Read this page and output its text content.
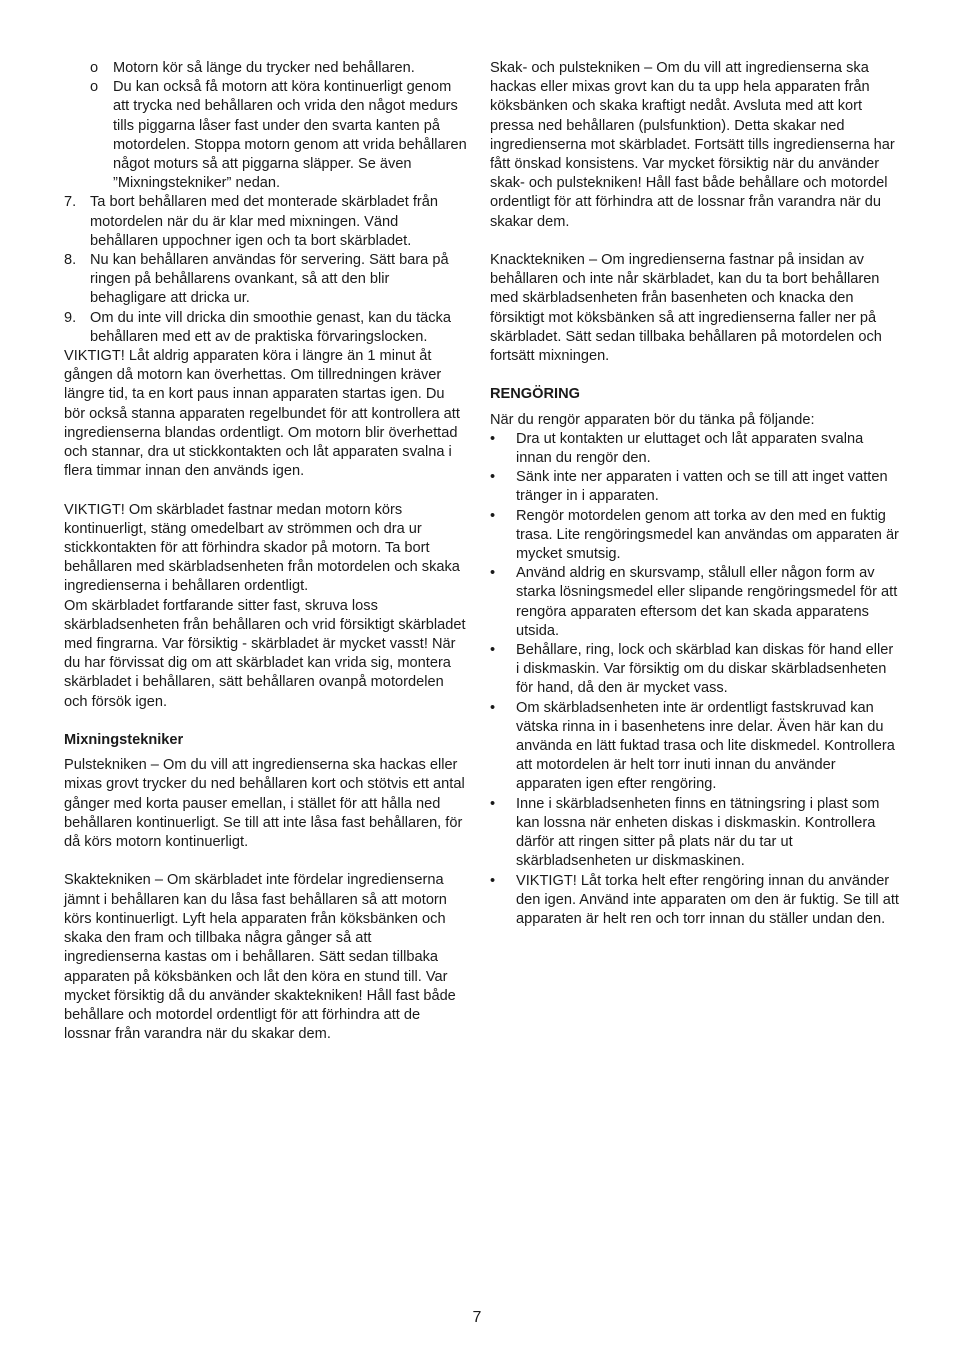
o Motorn kör så länge du trycker ned behållaren.
o Du kan också få motorn att köra kontinuerligt genom att trycka ned behållaren och vrida den något medurs tills piggarna låser fast under den svarta kanten på motordelen. Stoppa motorn genom att vrida behållaren något moturs så att piggarna släpper. Se även ”Mixningstekniker” nedan.
7. Ta bort behållaren med det monterade skärbladet från motordelen när du är klar med mixningen. Vänd behållaren uppochner igen och ta bort skärbladet.
8. Nu kan behållaren användas för servering. Sätt bara på ringen på behållarens ovankant, så att den blir behagligare att dricka ur.
9. Om du inte vill dricka din smoothie genast, kan du täcka behållaren med ett av de praktiska förvaringslocken.

VIKTIGT! Låt aldrig apparaten köra i längre än 1 minut åt gången då motorn kan överhettas. Om tillredningen kräver längre tid, ta en kort paus innan apparaten startas igen. Du bör också stanna apparaten regelbundet för att kontrollera att ingredienserna blandas ordentligt. Om motorn blir överhettad och stannar, dra ut stickkontakten och låt apparaten svalna i flera timmar innan den används igen.

VIKTIGT! Om skärbladet fastnar medan motorn körs kontinuerligt, stäng omedelbart av strömmen och dra ur stickkontakten för att förhindra skador på motorn. Ta bort behållaren med skärbladsenheten från motordelen och skaka ingredienserna i behållaren ordentligt.

Om skärbladet fortfarande sitter fast, skruva loss skärbladsenheten från behållaren och vrid försiktigt skärbladet med fingrarna. Var försiktig - skärbladet är mycket vasst! När du har förvissat dig om att skärbladet kan vrida sig, montera skärbladet i behållaren, sätt behållaren ovanpå motordelen och försök igen.

Mixningstekniker

Pulstekniken – Om du vill att ingredienserna ska hackas eller mixas grovt trycker du ned behållaren kort och stötvis ett antal gånger med korta pauser emellan, i stället för att hålla ned behållaren kontinuerligt. Se till att inte låsa fast behållaren, för då körs motorn kontinuerligt.

Skaktekniken – Om skärbladet inte fördelar ingredienserna jämnt i behållaren kan du låsa fast behållaren så att motorn körs kontinuerligt. Lyft hela apparaten från köksbänken och skaka den fram och tillbaka några gånger så att ingredienserna kastas om i behållaren. Sätt sedan tillbaka apparaten på köksbänken och låt den köra en stund till. Var mycket försiktig då du använder skaktekniken! Håll fast både behållare och motordel ordentligt för att förhindra att de lossnar från varandra när du skakar dem.

Skak- och pulstekniken – Om du vill att ingredienserna ska hackas eller mixas grovt kan du ta upp hela apparaten från köksbänken och skaka kraftigt nedåt. Avsluta med att kort pressa ned behållaren (pulsfunktion). Detta skakar ned ingredienserna mot skärbladet. Fortsätt tills ingredienserna har fått önskad konsistens. Var mycket försiktig när du använder skak- och pulstekniken! Håll fast både behållare och motordel ordentligt för att förhindra att de lossnar från varandra när du skakar dem.

Knacktekniken – Om ingredienserna fastnar på insidan av behållaren och inte når skärbladet, kan du ta bort behållaren med skärbladsenheten från basenheten och knacka den försiktigt mot köksbänken så att ingredienserna faller ner på skärbladet. Sätt sedan tillbaka behållaren på motordelen och fortsätt mixningen.

RENGÖRING

När du rengör apparaten bör du tänka på följande:

• Dra ut kontakten ur eluttaget och låt apparaten svalna innan du rengör den.
• Sänk inte ner apparaten i vatten och se till att inget vatten tränger in i apparaten.
• Rengör motordelen genom att torka av den med en fuktig trasa. Lite rengöringsmedel kan användas om apparaten är mycket smutsig.
• Använd aldrig en skursvamp, stålull eller någon form av starka lösningsmedel eller slipande rengöringsmedel för att rengöra apparaten eftersom det kan skada apparatens utsida.
• Behållare, ring, lock och skärblad kan diskas för hand eller i diskmaskin. Var försiktig om du diskar skärbladsenheten för hand, då den är mycket vass.
• Om skärbladsenheten inte är ordentligt fastskruvad kan vätska rinna in i basenhetens inre delar. Även här kan du använda en lätt fuktad trasa och lite diskmedel. Kontrollera att motordelen är helt torr inuti innan du använder apparaten igen efter rengöring.
• Inne i skärbladsenheten finns en tätningsring i plast som kan lossna när enheten diskas i diskmaskin. Kontrollera därför att ringen sitter på plats när du tar ut skärbladsenheten ur diskmaskinen.
• VIKTIGT! Låt torka helt efter rengöring innan du använder den igen. Använd inte apparaten om den är fuktig. Se till att apparaten är helt ren och torr innan du ställer undan den.
7
